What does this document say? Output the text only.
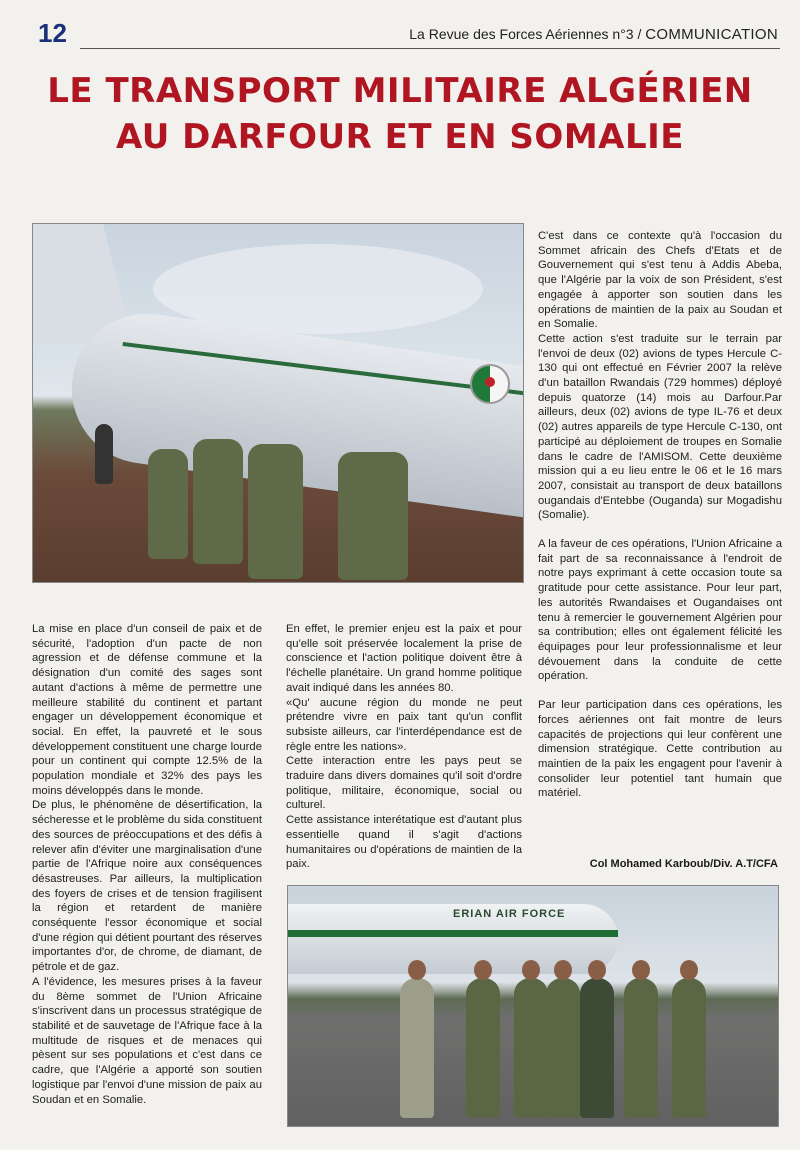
12	La Revue des Forces Aériennes n°3 / COMMUNICATION
LE TRANSPORT MILITAIRE ALGÉRIEN
AU DARFOUR ET EN SOMALIE

C'est dans ce contexte qu'à l'occasion du Sommet africain des Chefs d'Etats et de Gouvernement qui s'est tenu à Addis Abeba, que l'Algérie par la voix de son Président, s'est engagée à apporter son soutien dans les opérations de maintien de la paix au Soudan et en Somalie.

Cette action s'est traduite sur le terrain par l'envoi de deux (02) avions de types Hercule C-130 qui ont effectué en Février 2007 la relève d'un bataillon Rwandais (729 hommes) déployé depuis quatorze (14) mois au Darfour.Par ailleurs, deux (02) avions de type IL-76 et deux (02) autres appareils de type Hercule C-130, ont participé au déploiement de troupes en Somalie dans le cadre de l'AMISOM. Cette deuxième mission qui a eu lieu entre le 06 et le 16 mars 2007, consistait au transport de deux bataillons ougandais d'Entebbe (Ouganda) sur Mogadishu (Somalie).

A la faveur de ces opérations, l'Union Africaine a fait part de sa reconnaissance à l'endroit de notre pays exprimant à cette occasion toute sa gratitude pour cette assistance. Pour leur part, les autorités Rwandaises et Ougandaises ont tenu à remercier le gouvernement Algérien pour sa contribution; elles ont également félicité les équipages pour leur professionnalisme et leur dévouement dans la conduite de cette opération.

Par leur participation dans ces opérations, les forces aériennes ont fait montre de leurs capacités de projections qui leur confèrent une dimension stratégique. Cette contribution au maintien de la paix les engagent pour l'avenir à consolider leur potentiel tant humain que matériel.

Col Mohamed Karboub/Div. A.T/CFA

La mise en place d'un conseil de paix et de sécurité, l'adoption d'un pacte de non agression et de défense commune et la désignation d'un comité des sages sont autant d'actions à même de permettre une meilleure stabilité du continent et partant engager un développement économique et social. En effet, la pauvreté et le sous développement constituent une charge lourde pour un continent qui compte 12.5% de la population mondiale et 32% des pays les moins développés dans le monde.

De plus, le phénomène de désertification, la sécheresse et le problème du sida constituent des sources de préoccupations et des défis à relever afin d'éviter une marginalisation d'une partie de l'Afrique noire aux conséquences désastreuses. Par ailleurs, la multiplication des foyers de crises et de tension fragilisent la région et retardent de manière conséquente l'essor économique et social d'une région qui détient pourtant des réserves importantes d'or, de chrome, de diamant, de pétrole et de gaz.

A l'évidence, les mesures prises à la faveur du 8ème sommet de l'Union Africaine s'inscrivent dans un processus stratégique de stabilité et de sauvetage de l'Afrique face à la multitude de risques et de menaces qui pèsent sur ses populations et c'est dans ce cadre, que l'Algérie a apporté son soutien logistique par l'envoi d'une mission de paix au Soudan et en Somalie.

En effet, le premier enjeu est la paix et pour qu'elle soit préservée localement la prise de conscience et l'action politique doivent être à l'échelle planétaire. Un grand homme politique avait indiqué dans les années 80.

«Qu' aucune région du monde ne peut prétendre vivre en paix tant qu'un conflit subsiste ailleurs, car l'interdépendance est de règle entre les nations».

Cette interaction entre les pays peut se traduire dans divers domaines qu'il soit d'ordre politique, militaire, économique, social ou culturel.

Cette assistance interétatique est d'autant plus essentielle quand il s'agit d'actions humanitaires ou d'opérations de maintien de la paix.

ERIAN AIR FORCE
